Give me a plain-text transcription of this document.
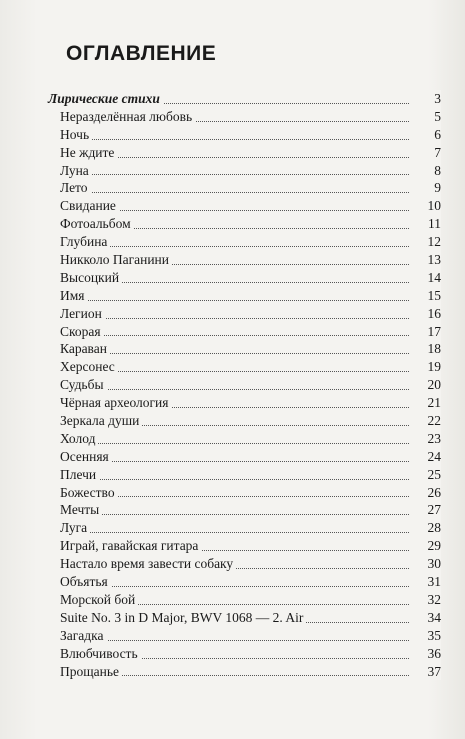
ОГЛАВЛЕНИЕ
Лирические стихи	3
Неразделённая любовь	5
Ночь	6
Не ждите	7
Луна	8
Лето	9
Свидание	10
Фотоальбом	11
Глубина	12
Никколо Паганини	13
Высоцкий	14
Имя	15
Легион	16
Скорая	17
Караван	18
Херсонес	19
Судьбы	20
Чёрная археология	21
Зеркала души	22
Холод	23
Осенняя	24
Плечи	25
Божество	26
Мечты	27
Луга	28
Играй, гавайская гитара	29
Настало время завести собаку	30
Объятья	31
Морской бой	32
Suite No. 3 in D Major, BWV 1068 — 2. Air	34
Загадка	35
Влюбчивость	36
Прощанье	37
